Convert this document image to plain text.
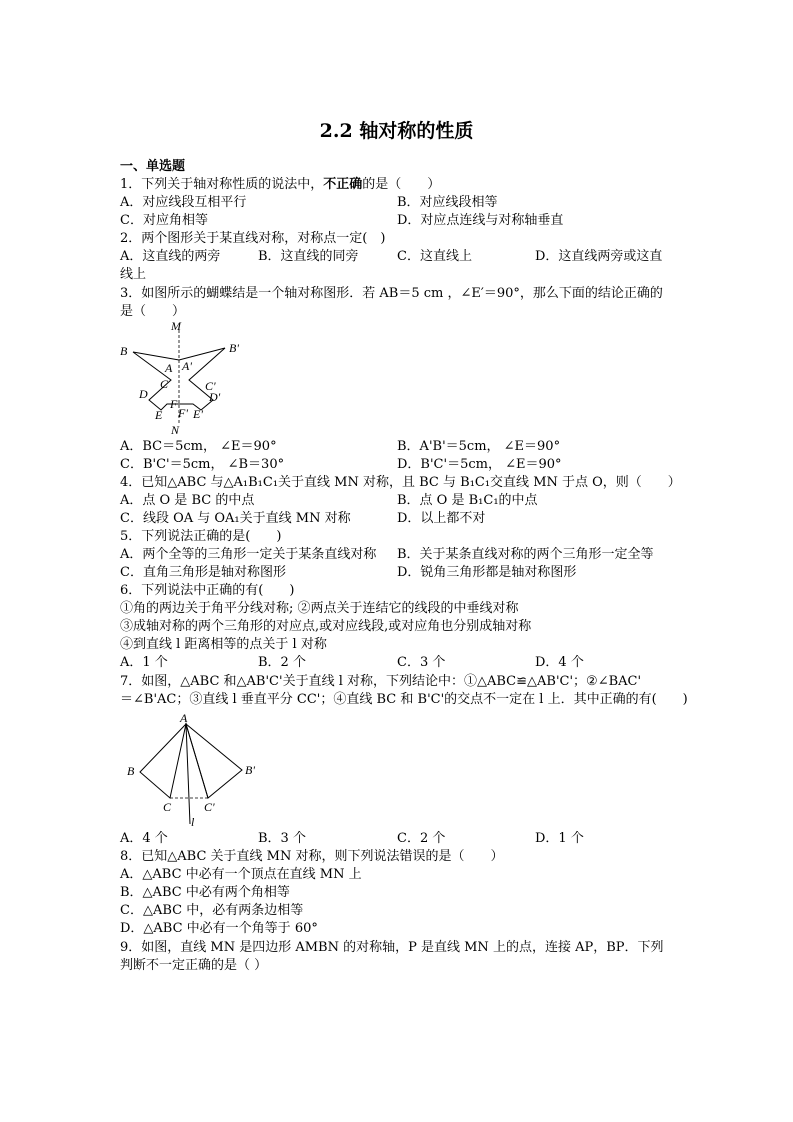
2.2 轴对称的性质
一、单选题
1．下列关于轴对称性质的说法中，不正确的是（　　）
A．对应线段互相平行	B．对应线段相等
C．对应角相等	D．对应点连线与对称轴垂直
2．两个图形关于某直线对称，对称点一定(　)
A．这直线的两旁	B．这直线的同旁	C．这直线上	D．这直线两旁或这直
线上
3．如图所示的蝴蝶结是一个轴对称图形．若 AB＝5 cm ，∠E′＝90°，那么下面的结论正确的
是（　　）
M
B	B'
A A'
C	C'
D	D'
F
F'
E	E'
N
A．BC＝5cm， ∠E＝90°	B．A'B'＝5cm， ∠E＝90°
C．B'C'＝5cm， ∠B＝30°	D．B'C'＝5cm， ∠E＝90°
4．已知△ABC 与△A₁B₁C₁关于直线 MN 对称，且 BC 与 B₁C₁交直线 MN 于点 O，则（　　）
A．点 O 是 BC 的中点	B．点 O 是 B₁C₁的中点
C．线段 OA 与 OA₁关于直线 MN 对称	D．以上都不对
5．下列说法正确的是(　　)
A．两个全等的三角形一定关于某条直线对称 B．关于某条直线对称的两个三角形一定全等
C．直角三角形是轴对称图形	D．锐角三角形都是轴对称图形
6．下列说法中正确的有(　　)
①角的两边关于角平分线对称; ②两点关于连结它的线段的中垂线对称
③成轴对称的两个三角形的对应点,或对应线段,或对应角也分别成轴对称
④到直线 l 距离相等的点关于 l 对称
A．1 个	B．2 个	C．3 个	D．4 个
7．如图，△ABC 和△AB'C'关于直线 l 对称，下列结论中：①△ABC≌△AB'C'；②∠BAC'
＝∠B'AC；③直线 l 垂直平分 CC'；④直线 BC 和 B'C'的交点不一定在 l 上．其中正确的有(　　)
A
B	B'
C	C'
l
A．4 个	B．3 个	C．2 个	D．1 个
8．已知△ABC 关于直线 MN 对称，则下列说法错误的是（　　）
A．△ABC 中必有一个顶点在直线 MN 上
B．△ABC 中必有两个角相等
C．△ABC 中，必有两条边相等
D．△ABC 中必有一个角等于 60°
9．如图，直线 MN 是四边形 AMBN 的对称轴，P 是直线 MN 上的点，连接 AP，BP．下列
判断不一定正确的是（ ）
